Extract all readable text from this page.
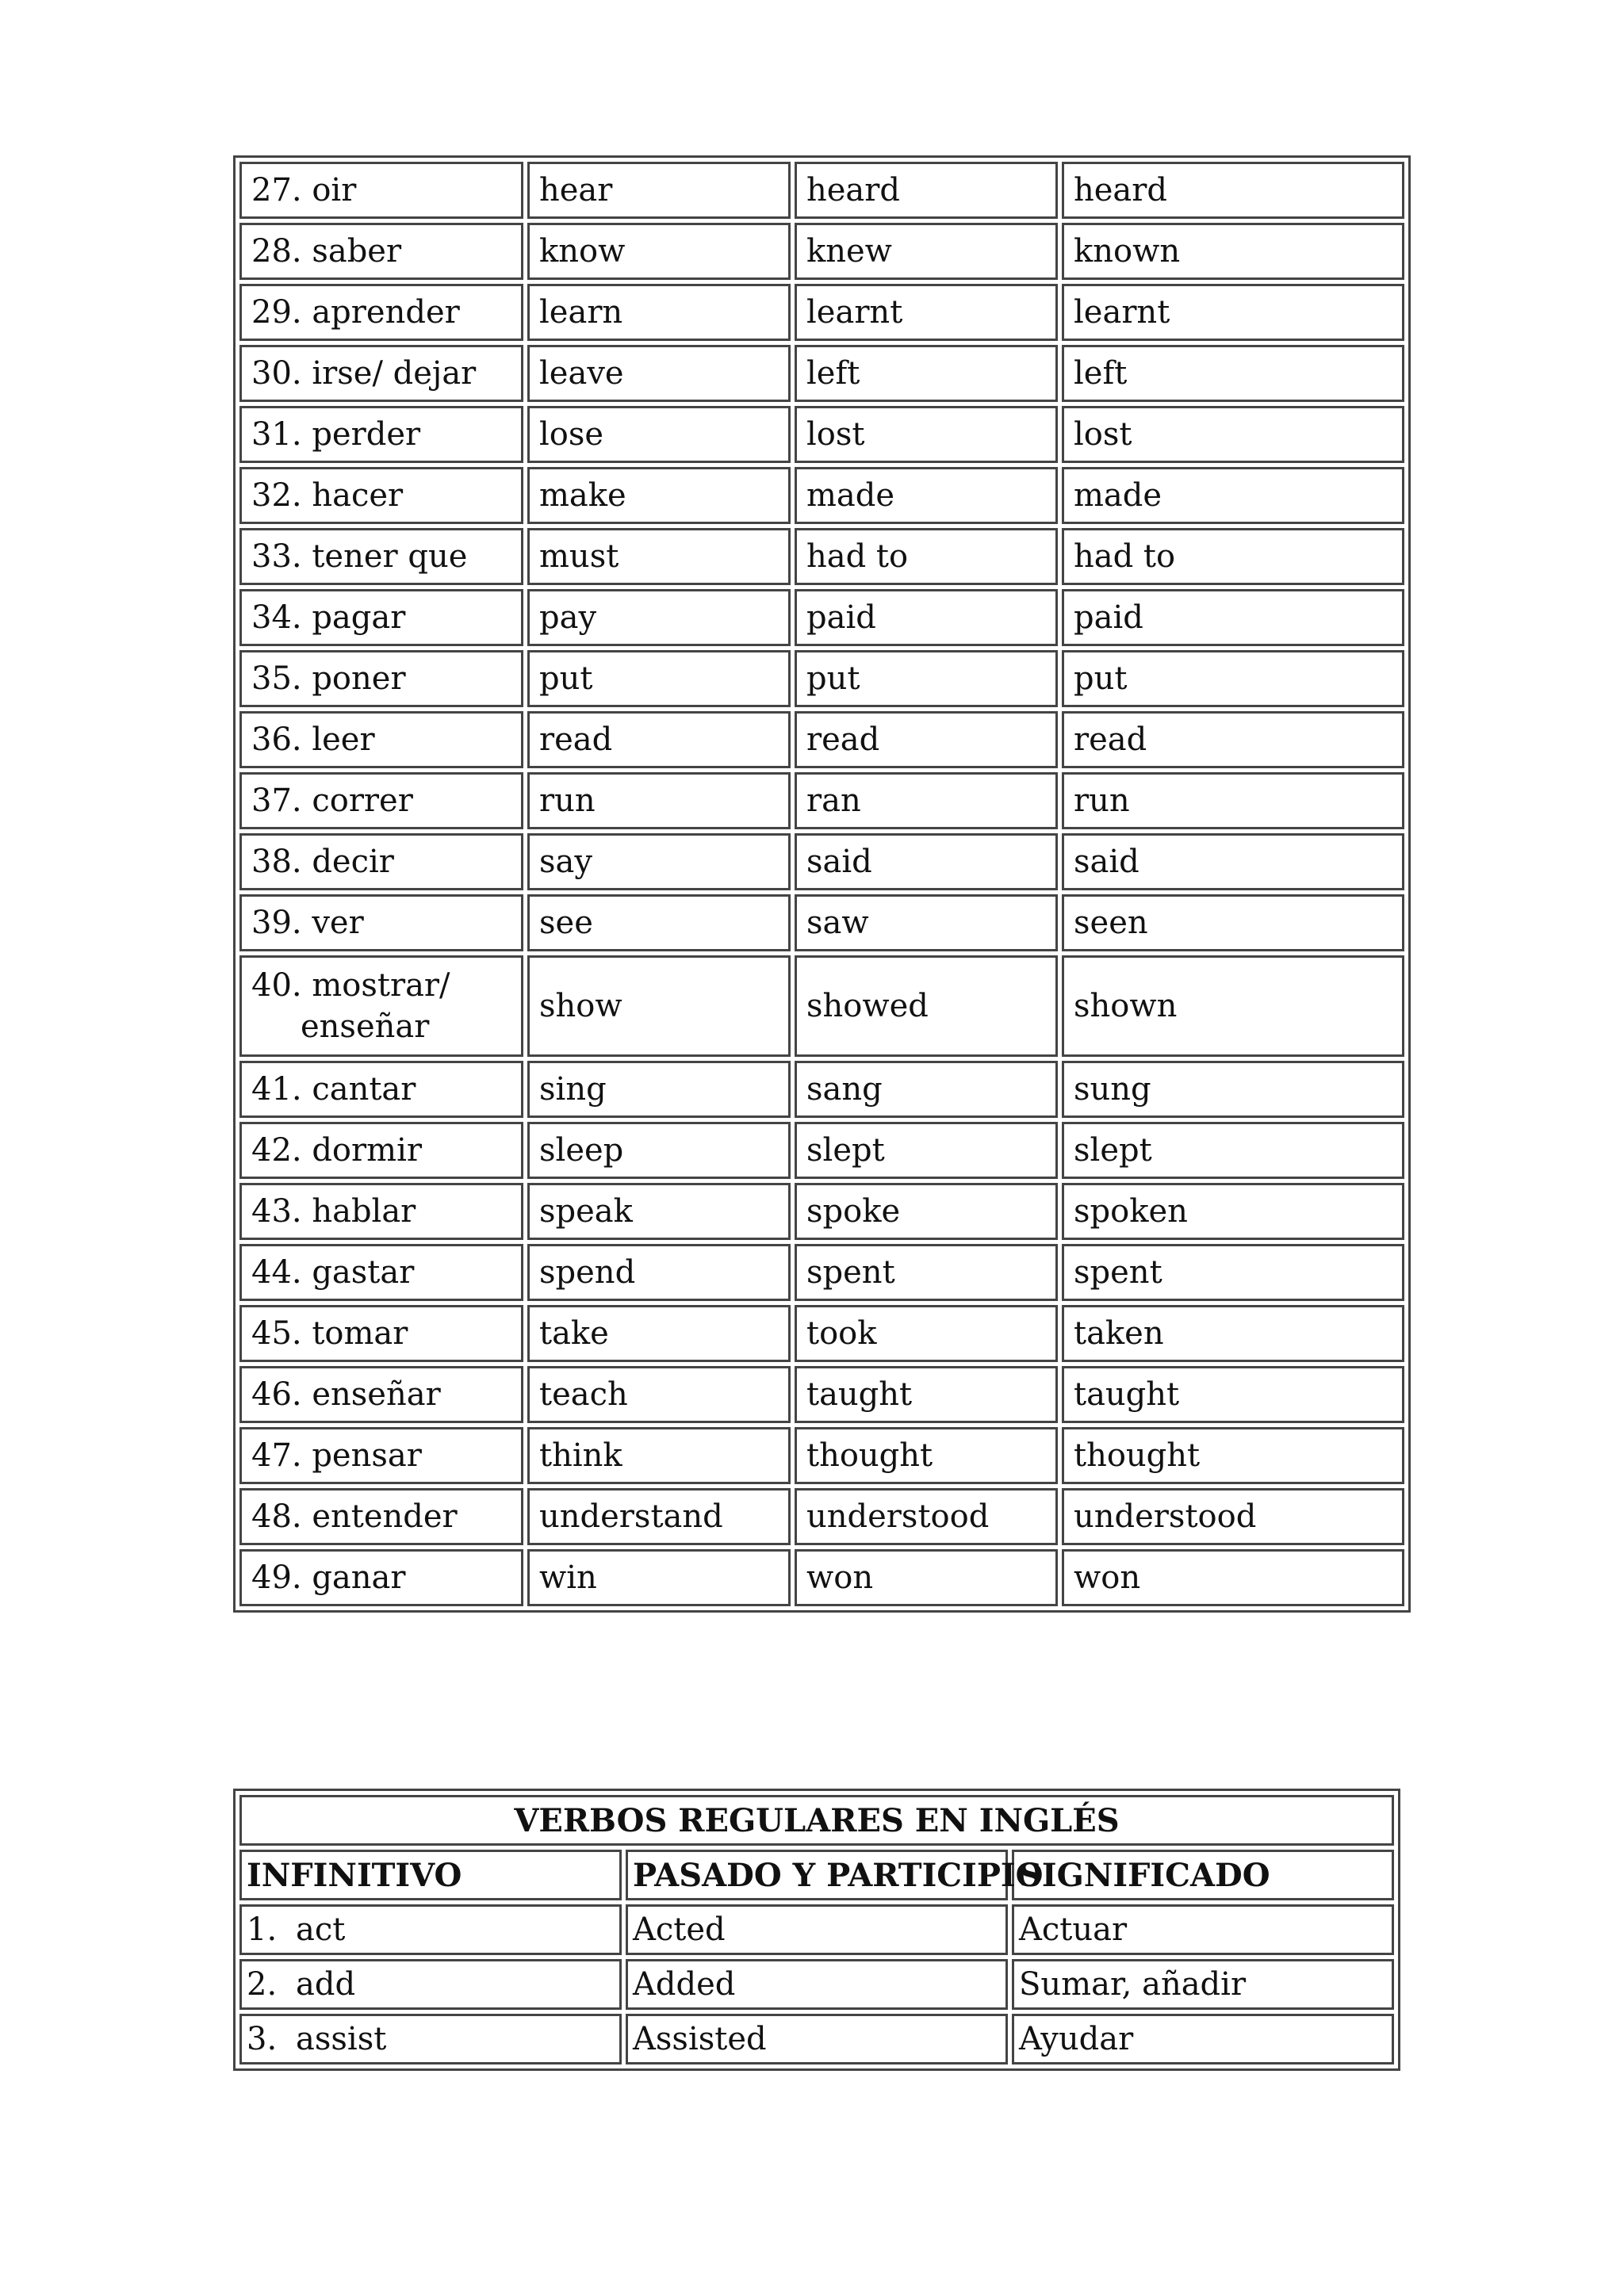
27. oir	hear	heard	heard
28. saber	know	knew	known
29. aprender	learn	learnt	learnt
30. irse/ dejar	leave	left	left
31. perder	lose	lost	lost
32. hacer	make	made	made
33. tener que	must	had to	had to
34. pagar	pay	paid	paid
35. poner	put	put	put
36. leer	read	read	read
37. correr	run	ran	run
38. decir	say	said	said
39. ver	see	saw	seen
40. mostrar/
enseñar	show	showed	shown
41. cantar	sing	sang	sung
42. dormir	sleep	slept	slept
43. hablar	speak	spoke	spoken
44. gastar	spend	spent	spent
45. tomar	take	took	taken
46. enseñar	teach	taught	taught
47. pensar	think	thought	thought
48. entender	understand	understood	understood
49. ganar	win	won	won
VERBOS REGULARES EN INGLÉS		
INFINITIVO	PASADO Y PARTICIPIO	SIGNIFICADO
1. act	Acted	Actuar
2. add	Added	Sumar, añadir
3. assist	Assisted	Ayudar
